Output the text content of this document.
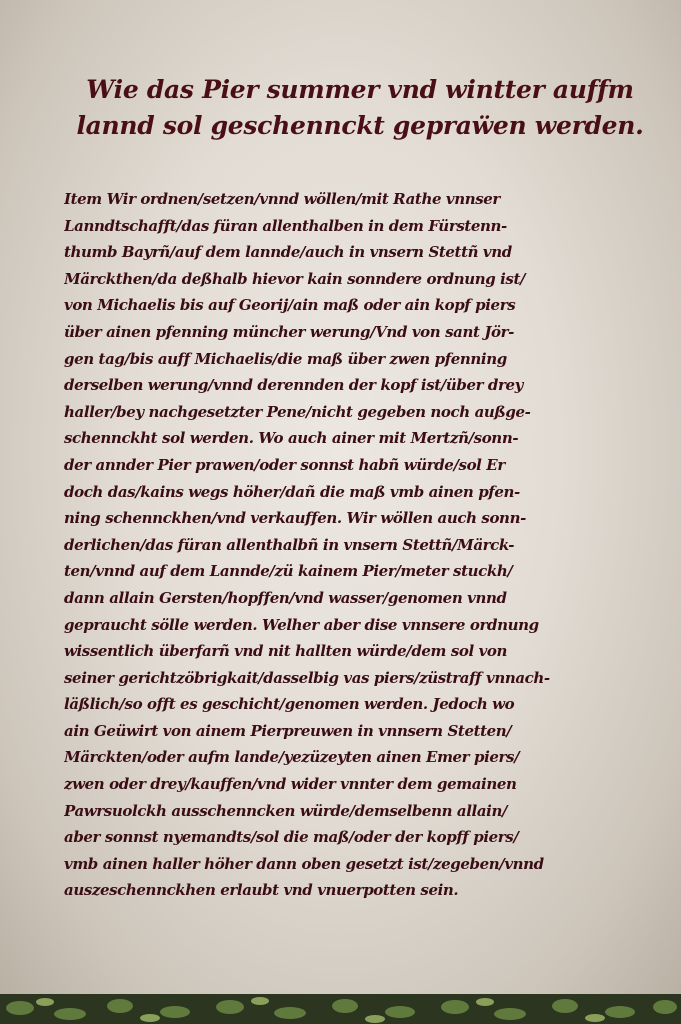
Wie das Pier summer vnd wintter auffm
lannd sol geschennckt gepraẅen werden.
Item Wir ordnen/setzen/vnnd wöllen/mit Rathe vnnser
Lanndtschafft/das füran allenthalben in dem Fürstenn-
thumb Bayrñ/auf dem lannde/auch in vnsern Stettñ vnd
Märckthen/da deßhalb hievor kain sonndere ordnung ist/
von Michaelis bis auf Georij/ain maß oder ain kopf piers
über ainen pfenning müncher werung/Vnd von sant Jör-
gen tag/bis auff Michaelis/die maß über zwen pfenning
derselben werung/vnnd derennden der kopf ist/über drey
haller/bey nachgesetzter Pene/nicht gegeben noch außge-
schennckht sol werden. Wo auch ainer mit Mertzñ/sonn-
der annder Pier prawen/oder sonnst habñ würde/sol Er
doch das/kains wegs höher/dañ die maß vmb ainen pfen-
ning schennckhen/vnd verkauffen. Wir wöllen auch sonn-
derlichen/das füran allenthalbñ in vnsern Stettñ/Märck-
ten/vnnd auf dem Lannde/zü kainem Pier/meter stuckh/
dann allain Gersten/hopffen/vnd wasser/genomen vnnd
gepraucht sölle werden. Welher aber dise vnnsere ordnung
wissentlich überfarñ vnd nit hallten würde/dem sol von
seiner gerichtzöbrigkait/dasselbig vas piers/züstraff vnnach-
läßlich/so offt es geschicht/genomen werden. Jedoch wo
ain Geüwirt von ainem Pierpreuwen in vnnsern Stetten/
Märckten/oder aufm lande/yezüzeyten ainen Emer piers/
zwen oder drey/kauffen/vnd wider vnnter dem gemainen
Pawrsuolckh ausschenncken würde/demselbenn allain/
aber sonnst nyemandts/sol die maß/oder der kopff piers/
vmb ainen haller höher dann oben gesetzt ist/zegeben/vnnd
auszeschennckhen erlaubt vnd vnuerpotten sein.
